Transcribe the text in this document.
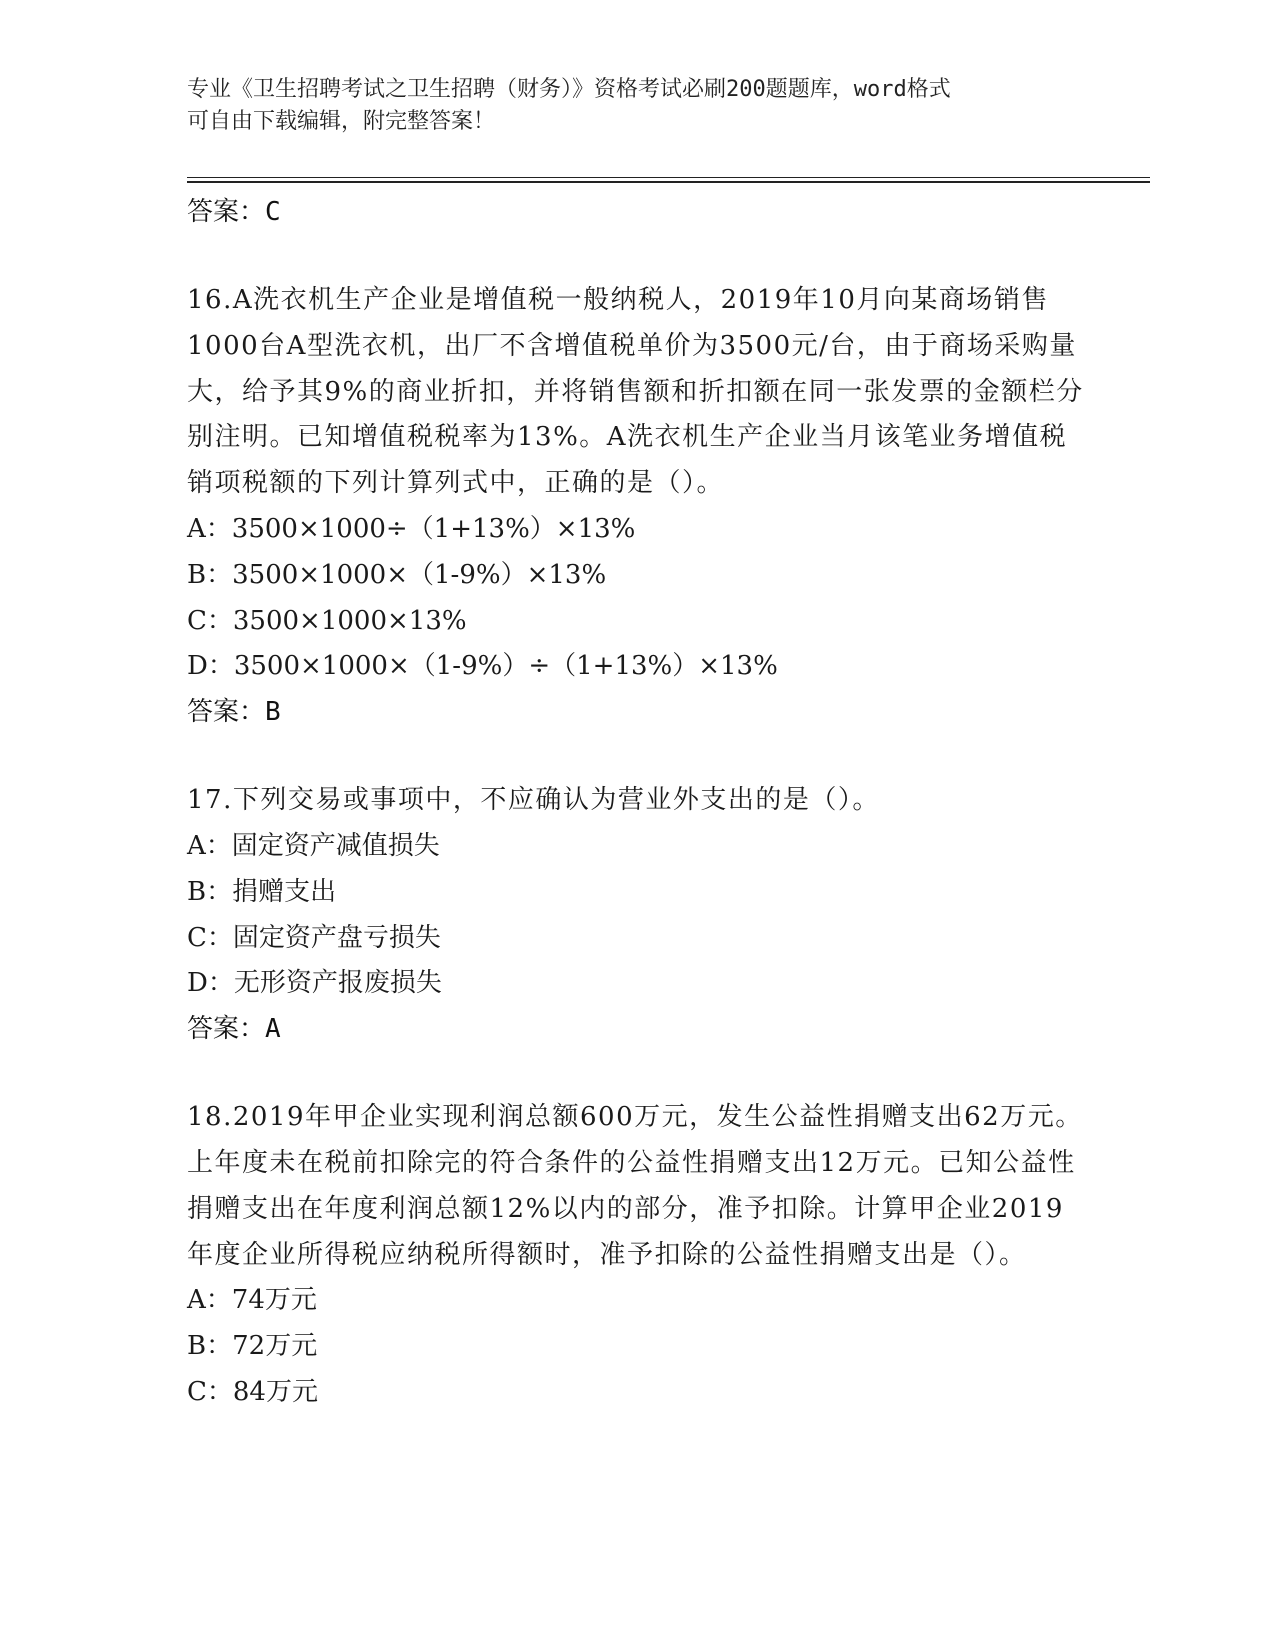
专业《卫生招聘考试之卫生招聘（财务）》资格考试必刷200题题库，word格式
可自由下载编辑，附完整答案！
答案：C
16.A洗衣机生产企业是增值税一般纳税人，2019年10月向某商场销售1000台A型洗衣机，出厂不含增值税单价为3500元/台，由于商场采购量大，给予其9%的商业折扣，并将销售额和折扣额在同一张发票的金额栏分别注明。已知增值税税率为13%。A洗衣机生产企业当月该笔业务增值税销项税额的下列计算列式中，正确的是（）。
A：3500×1000÷（1+13%）×13%
B：3500×1000×（1-9%）×13%
C：3500×1000×13%
D：3500×1000×（1-9%）÷（1+13%）×13%
答案：B
17.下列交易或事项中，不应确认为营业外支出的是（）。
A：固定资产减值损失
B：捐赠支出
C：固定资产盘亏损失
D：无形资产报废损失
答案：A
18.2019年甲企业实现利润总额600万元，发生公益性捐赠支出62万元。上年度未在税前扣除完的符合条件的公益性捐赠支出12万元。已知公益性捐赠支出在年度利润总额12%以内的部分，准予扣除。计算甲企业2019年度企业所得税应纳税所得额时，准予扣除的公益性捐赠支出是（）。
A：74万元
B：72万元
C：84万元
